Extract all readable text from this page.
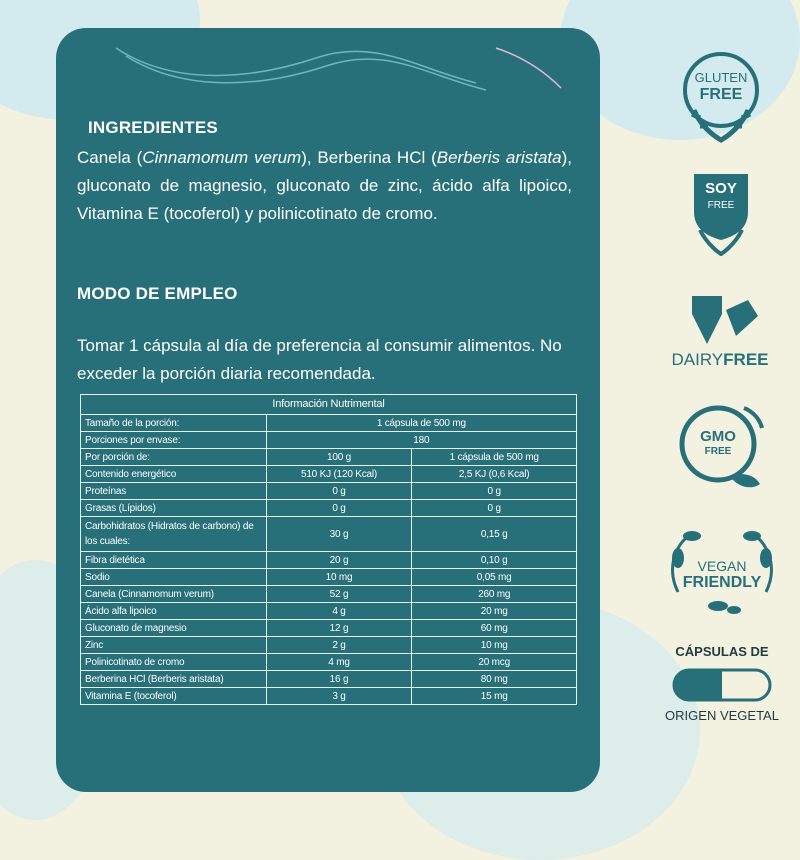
INGREDIENTES
Canela (Cinnamomum verum), Berberina HCl (Berberis aristata), gluconato de magnesio, gluconato de zinc, ácido alfa lipoico, Vitamina E (tocoferol) y polinicotinato de cromo.
MODO DE EMPLEO
Tomar 1 cápsula al día de preferencia al consumir alimentos. No exceder la porción diaria recomendada.
Información Nutrimental		
Tamaño de la porción:	1 cápsula de 500 mg	
Porciones por envase:	180	
Por porción de:	100 g	1 cápsula de 500 mg
Contenido energético	510 KJ (120 Kcal)	2,5 KJ (0,6 Kcal)
Proteínas	0 g	0 g
Grasas (Lípidos)	0 g	0 g
Carbohidratos (Hidratos de carbono) de los cuales:	30 g	0,15 g
Fibra dietética	20 g	0,10 g
Sodio	10 mg	0,05 mg
Canela (Cinnamomum verum)	52 g	260 mg
Ácido alfa lipoico	4 g	20 mg
Gluconato de magnesio	12 g	60 mg
Zinc	2 g	10 mg
Polinicotinato de cromo	4 mg	20 mcg
Berberina HCl (Berberis aristata)	16 g	80 mg
Vitamina E (tocoferol)	3 g	15 mg
GLUTEN
FREE
SOY
FREE
DAIRYFREE
GMO
FREE
VEGAN
FRIENDLY
CÁPSULAS DE
ORIGEN VEGETAL
